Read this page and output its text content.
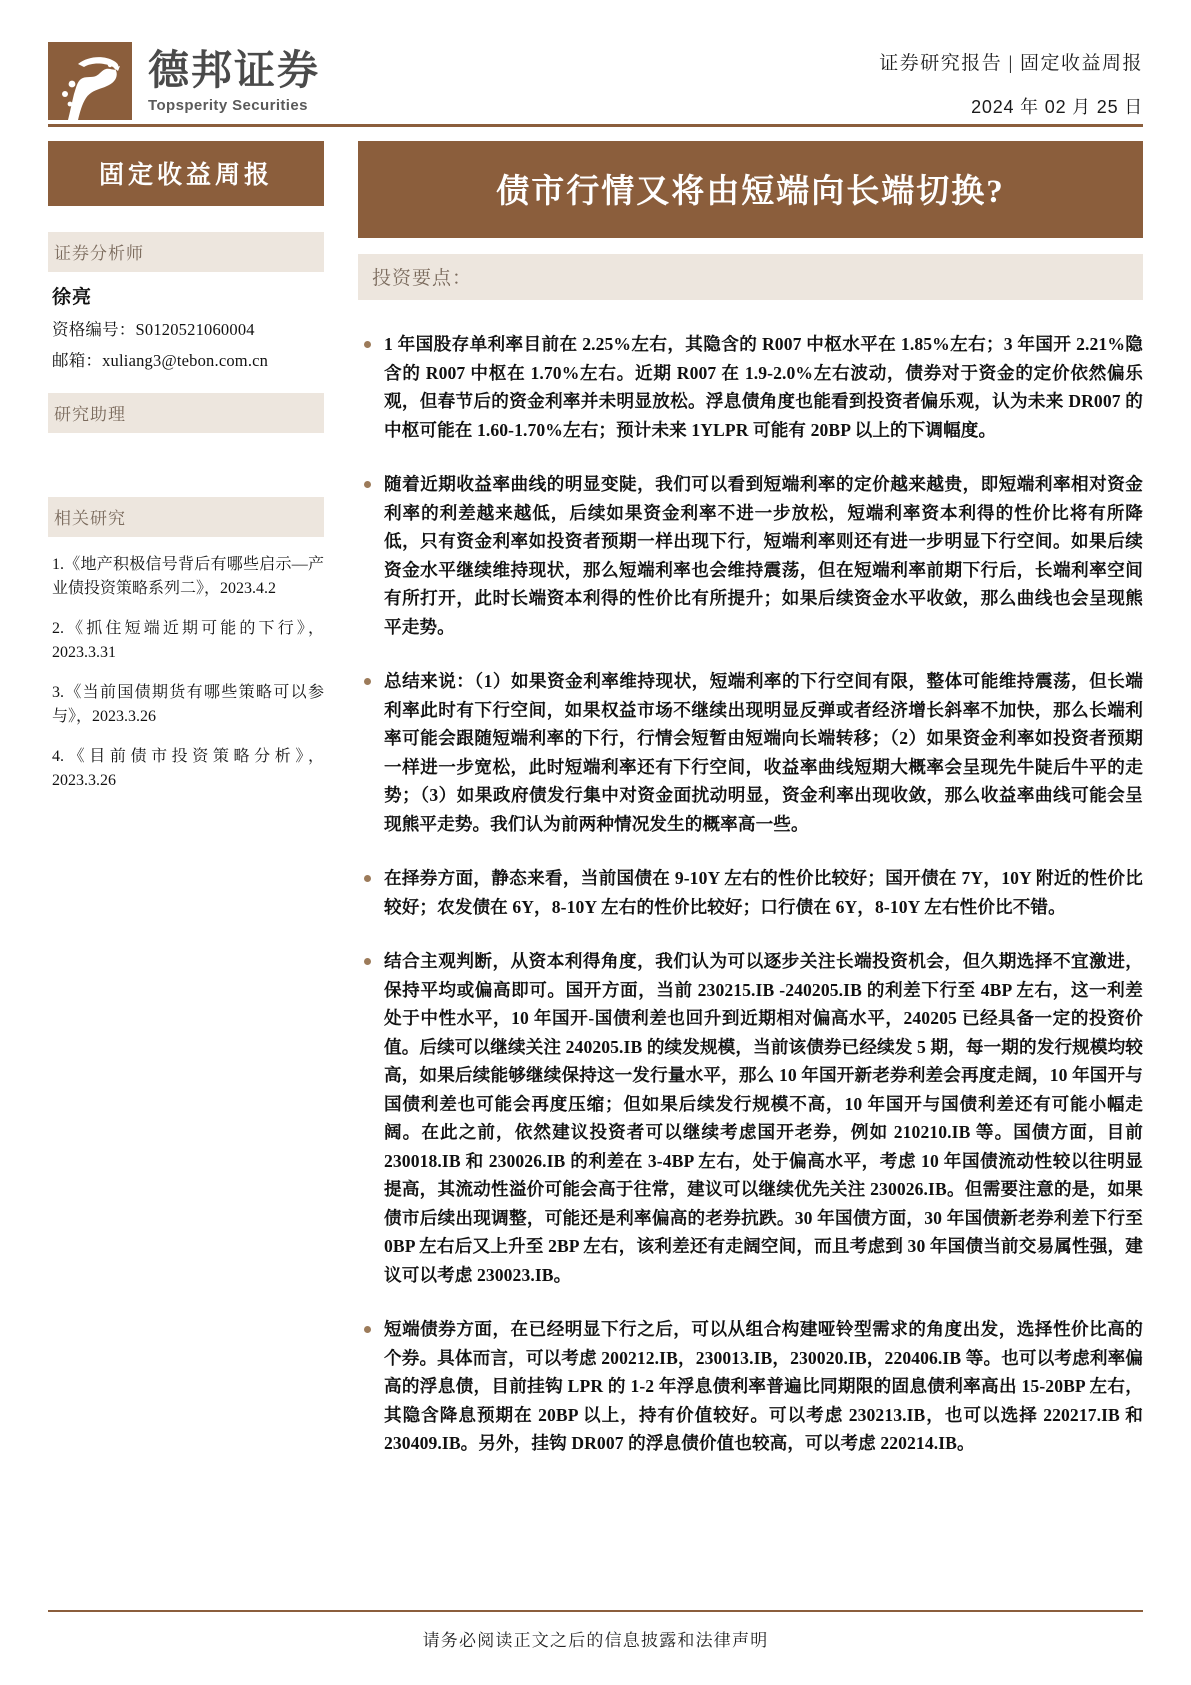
德邦证券
Topsperity Securities
证券研究报告 | 固定收益周报
2024 年 02 月 25 日
固定收益周报
证券分析师
徐亮
资格编号：S0120521060004
邮箱：xuliang3@tebon.com.cn
研究助理
相关研究
1.《地产积极信号背后有哪些启示—产业债投资策略系列二》，2023.4.2
2.《抓住短端近期可能的下行》，2023.3.31
3.《当前国债期货有哪些策略可以参与》，2023.3.26
4.《目前债市投资策略分析》，2023.3.26
债市行情又将由短端向长端切换?
投资要点：
1 年国股存单利率目前在 2.25%左右，其隐含的 R007 中枢水平在 1.85%左右；3 年国开 2.21%隐含的 R007 中枢在 1.70%左右。近期 R007 在 1.9-2.0%左右波动，债券对于资金的定价依然偏乐观，但春节后的资金利率并未明显放松。浮息债角度也能看到投资者偏乐观，认为未来 DR007 的中枢可能在 1.60-1.70%左右；预计未来 1YLPR 可能有 20BP 以上的下调幅度。
随着近期收益率曲线的明显变陡，我们可以看到短端利率的定价越来越贵，即短端利率相对资金利率的利差越来越低，后续如果资金利率不进一步放松，短端利率资本利得的性价比将有所降低，只有资金利率如投资者预期一样出现下行，短端利率则还有进一步明显下行空间。如果后续资金水平继续维持现状，那么短端利率也会维持震荡，但在短端利率前期下行后，长端利率空间有所打开，此时长端资本利得的性价比有所提升；如果后续资金水平收敛，那么曲线也会呈现熊平走势。
总结来说：（1）如果资金利率维持现状，短端利率的下行空间有限，整体可能维持震荡，但长端利率此时有下行空间，如果权益市场不继续出现明显反弹或者经济增长斜率不加快，那么长端利率可能会跟随短端利率的下行，行情会短暂由短端向长端转移；（2）如果资金利率如投资者预期一样进一步宽松，此时短端利率还有下行空间，收益率曲线短期大概率会呈现先牛陡后牛平的走势；（3）如果政府债发行集中对资金面扰动明显，资金利率出现收敛，那么收益率曲线可能会呈现熊平走势。我们认为前两种情况发生的概率高一些。
在择券方面，静态来看，当前国债在 9-10Y 左右的性价比较好；国开债在 7Y，10Y 附近的性价比较好；农发债在 6Y，8-10Y 左右的性价比较好；口行债在 6Y，8-10Y 左右性价比不错。
结合主观判断，从资本利得角度，我们认为可以逐步关注长端投资机会，但久期选择不宜激进，保持平均或偏高即可。国开方面，当前 230215.IB -240205.IB 的利差下行至 4BP 左右，这一利差处于中性水平，10 年国开-国债利差也回升到近期相对偏高水平，240205 已经具备一定的投资价值。后续可以继续关注 240205.IB 的续发规模，当前该债券已经续发 5 期，每一期的发行规模均较高，如果后续能够继续保持这一发行量水平，那么 10 年国开新老券利差会再度走阔，10 年国开与国债利差也可能会再度压缩；但如果后续发行规模不高，10 年国开与国债利差还有可能小幅走阔。在此之前，依然建议投资者可以继续考虑国开老券，例如 210210.IB 等。国债方面，目前 230018.IB 和 230026.IB 的利差在 3-4BP 左右，处于偏高水平，考虑 10 年国债流动性较以往明显提高，其流动性溢价可能会高于往常，建议可以继续优先关注 230026.IB。但需要注意的是，如果债市后续出现调整，可能还是利率偏高的老券抗跌。30 年国债方面，30 年国债新老券利差下行至 0BP 左右后又上升至 2BP 左右，该利差还有走阔空间，而且考虑到 30 年国债当前交易属性强，建议可以考虑 230023.IB。
短端债券方面，在已经明显下行之后，可以从组合构建哑铃型需求的角度出发，选择性价比高的个券。具体而言，可以考虑 200212.IB，230013.IB，230020.IB，220406.IB 等。也可以考虑利率偏高的浮息债，目前挂钩 LPR 的 1-2 年浮息债利率普遍比同期限的固息债利率高出 15-20BP 左右，其隐含降息预期在 20BP 以上，持有价值较好。可以考虑 230213.IB，也可以选择 220217.IB 和 230409.IB。另外，挂钩 DR007 的浮息债价值也较高，可以考虑 220214.IB。
请务必阅读正文之后的信息披露和法律声明
